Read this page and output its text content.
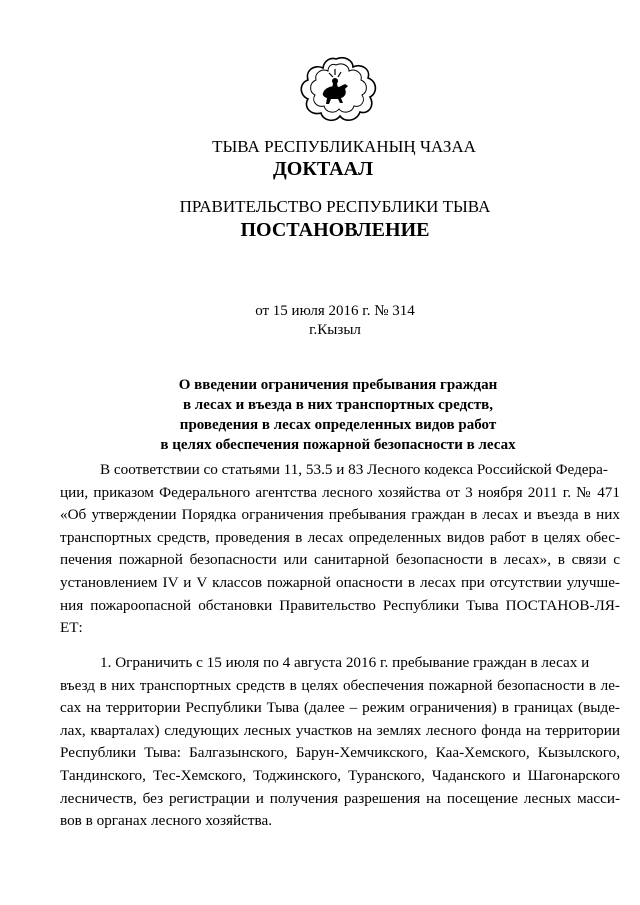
ТЫВА РЕСПУБЛИКАНЫҢ ЧАЗАА
ДОКТААЛ
ПРАВИТЕЛЬСТВО РЕСПУБЛИКИ ТЫВА
ПОСТАНОВЛЕНИЕ
от 15 июля 2016 г. № 314
г.Кызыл
О введении ограничения пребывания граждан
в лесах и въезда в них транспортных средств,
проведения в лесах определенных видов работ
в целях обеспечения пожарной безопасности в лесах
В соответствии со статьями 11, 53.5 и 83 Лесного кодекса Российской Федера-
ции, приказом Федерального агентства лесного хозяйства от 3 ноября 2011 г. № 471
«Об утверждении Порядка ограничения пребывания граждан в лесах и въезда в них
транспортных средств, проведения в лесах определенных видов работ в целях обес-
печения пожарной безопасности или санитарной безопасности в лесах», в связи с
установлением IV и V классов пожарной опасности в лесах при отсутствии улучше-
ния пожароопасной обстановки Правительство Республики Тыва ПОСТАНОВ-ЛЯ-
ЕТ:
1. Ограничить с 15 июля по 4 августа 2016 г. пребывание граждан в лесах и
въезд в них транспортных средств в целях обеспечения пожарной безопасности в ле-
сах на территории Республики Тыва (далее – режим ограничения) в границах (выде-
лах, кварталах) следующих лесных участков на землях лесного фонда на территории
Республики Тыва: Балгазынского, Барун-Хемчикского, Каа-Хемского, Кызылского,
Тандинского, Тес-Хемского, Тоджинского, Туранского, Чаданского и Шагонарского
лесничеств, без регистрации и получения разрешения на посещение лесных масси-
вов в органах лесного хозяйства.
